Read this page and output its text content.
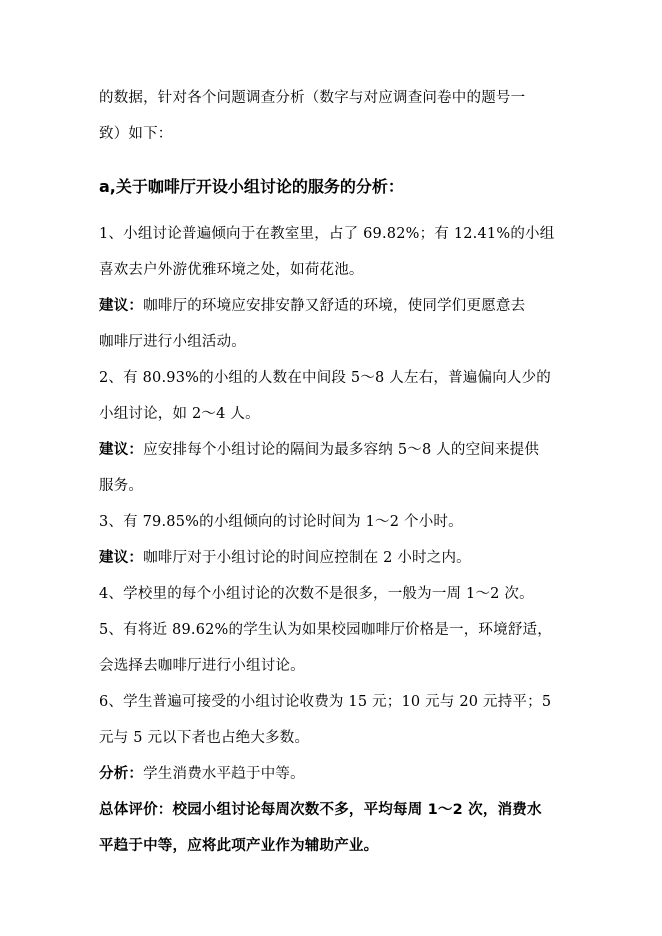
的数据，针对各个问题调查分析（数字与对应调查问卷中的题号一
致）如下：
a,关于咖啡厅开设小组讨论的服务的分析：
1、小组讨论普遍倾向于在教室里，占了 69.82%；有 12.41%的小组
喜欢去户外游优雅环境之处，如荷花池。
建议：咖啡厅的环境应安排安静又舒适的环境，使同学们更愿意去
咖啡厅进行小组活动。
2、有 80.93%的小组的人数在中间段 5～8 人左右，普遍偏向人少的
小组讨论，如 2～4 人。
建议：应安排每个小组讨论的隔间为最多容纳 5～8 人的空间来提供
服务。
3、有 79.85%的小组倾向的讨论时间为 1～2 个小时。
建议：咖啡厅对于小组讨论的时间应控制在 2 小时之内。
4、学校里的每个小组讨论的次数不是很多，一般为一周 1～2 次。
5、有将近 89.62%的学生认为如果校园咖啡厅价格是一，环境舒适，
会选择去咖啡厅进行小组讨论。
6、学生普遍可接受的小组讨论收费为 15 元；10 元与 20 元持平；5
元与 5 元以下者也占绝大多数。
分析：学生消费水平趋于中等。
总体评价：校园小组讨论每周次数不多，平均每周 1～2 次，消费水
平趋于中等，应将此项产业作为辅助产业。
